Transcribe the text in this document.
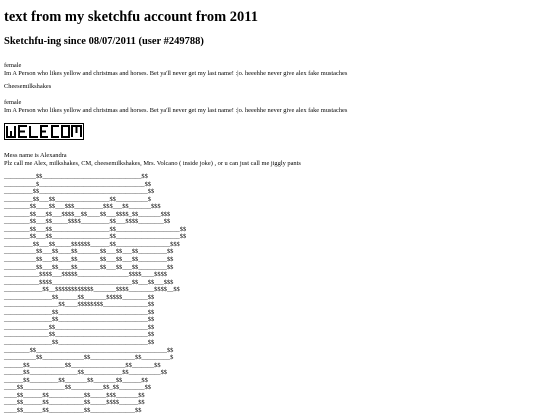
text from my sketchfu account from 2011
Sketchfu-ing since 08/07/2011 (user #249788)
female
Im A Person who likes yellow and christmas and horses. Bet ya'll never get my last name! :|o. heeehhe never give alex fake mustaches
Cheesemilkshakes
female
Im A Person who likes yellow and christmas and horses. Bet ya'll never get my last name! :|o. heeehhe never give alex fake mustaches
Mess name is Alexandra
Plz call me Alex, milkshakes, CM, cheesemilkshakes, Mrs. Volcano ( inside joke) , or u can just call me jiggly pants
__________$$_______________________________$$
__________$_________________________________$$
_________$$__________________________________$$
_________$$___$$_________________$$__________$
________$$____$$___$$$_________$$$___$$_______$$$
________$$___$$___$$$$__$$____$$___$$$$_$$_______$$$
________$$___$$_____$$$$_________$$___$$$$________$$
________$$___$$__________________$$____________________$$
________$$___$$__________________$$____________________$$
_________$$___$$_____$$$$$$______$$_________________$$$
__________$$___$$____$$_______$$___$$___$$_________$$
__________$$___$$____$$_______$$___$$___$$_________$$
__________$$___$$____$$_______$$___$$___$$_________$$
___________$$$$___$$$$$________________$$$$____$$$$
___________$$$$_________________________$$___$$___$$$
____________$$__$$$$$$$$$$$$_______$$$$________$$$$__$$
_______________$$______$$_______$$$$$________$$
_________________$$____$$$$$$$$______________$$
_______________$$____________________________$$
_______________$$____________________________$$
______________$$_____________________________$$
______________$$_____________________________$$
_______________$$____________________________$$
________$$_________________________________________$$
__________$$_____________$$______________$$_________$
______$$___________$$_________________$$_______$$
______$$_______________$$____________$$__________$$
______$$_________$$_______$$_______$$______$$
____$$_____________$$__________$$_$$________$$
____$$______$$___________$$_____$$$_______$$
____$$______$$___________$$_____$$$$______$$
____$$______$$___________$$______________$$
